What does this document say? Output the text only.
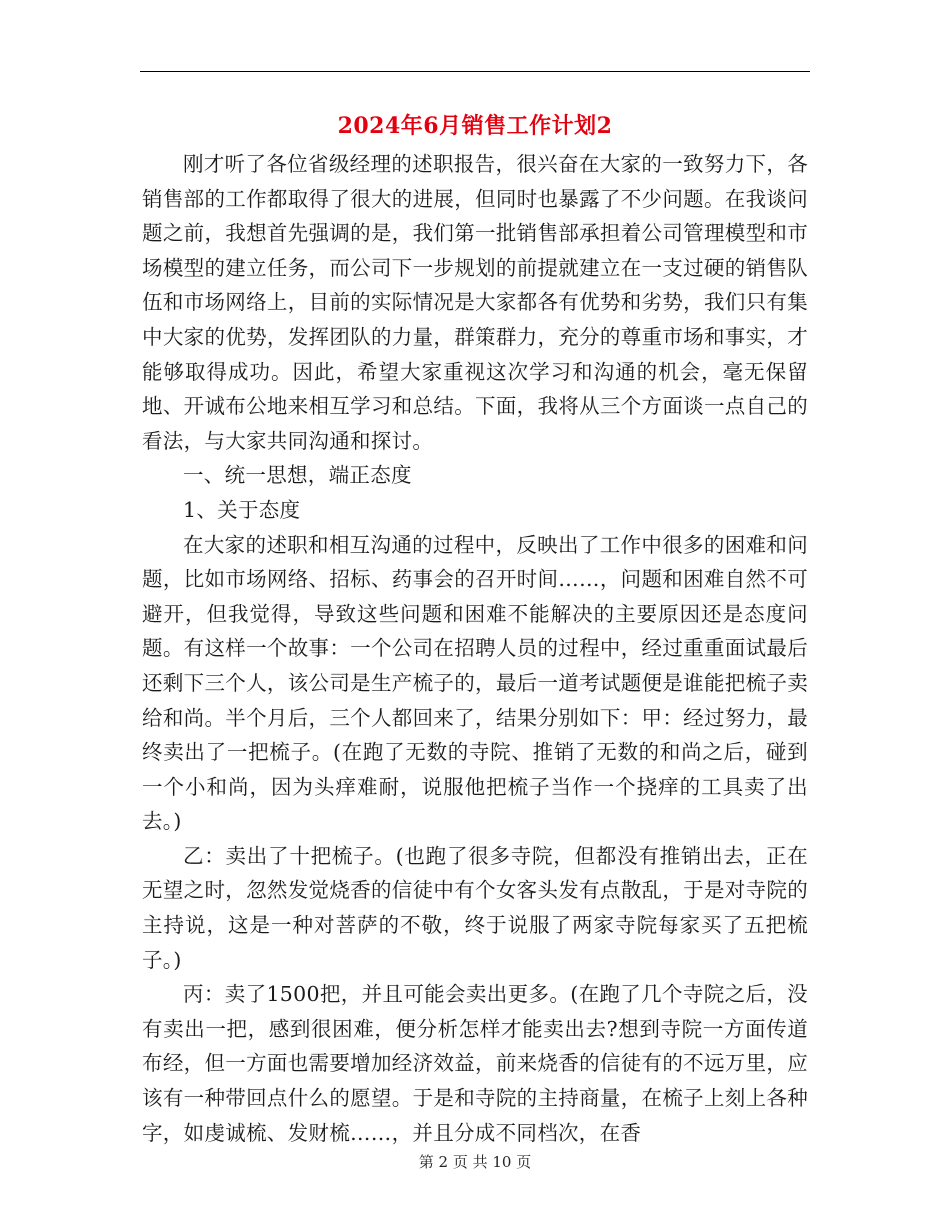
2024年6月销售工作计划2

刚才听了各位省级经理的述职报告，很兴奋在大家的一致努力下，各销售部的工作都取得了很大的进展，但同时也暴露了不少问题。在我谈问题之前，我想首先强调的是，我们第一批销售部承担着公司管理模型和市场模型的建立任务，而公司下一步规划的前提就建立在一支过硬的销售队伍和市场网络上，目前的实际情况是大家都各有优势和劣势，我们只有集中大家的优势，发挥团队的力量，群策群力，充分的尊重市场和事实，才能够取得成功。因此，希望大家重视这次学习和沟通的机会，毫无保留地、开诚布公地来相互学习和总结。下面，我将从三个方面谈一点自己的看法，与大家共同沟通和探讨。

一、统一思想，端正态度

1、关于态度

在大家的述职和相互沟通的过程中，反映出了工作中很多的困难和问题，比如市场网络、招标、药事会的召开时间……，问题和困难自然不可避开，但我觉得，导致这些问题和困难不能解决的主要原因还是态度问题。有这样一个故事：一个公司在招聘人员的过程中，经过重重面试最后还剩下三个人，该公司是生产梳子的，最后一道考试题便是谁能把梳子卖给和尚。半个月后，三个人都回来了，结果分别如下：甲：经过努力，最终卖出了一把梳子。(在跑了无数的寺院、推销了无数的和尚之后，碰到一个小和尚，因为头痒难耐，说服他把梳子当作一个挠痒的工具卖了出去。)

乙：卖出了十把梳子。(也跑了很多寺院，但都没有推销出去，正在无望之时，忽然发觉烧香的信徒中有个女客头发有点散乱，于是对寺院的主持说，这是一种对菩萨的不敬，终于说服了两家寺院每家买了五把梳子。)

丙：卖了1500把，并且可能会卖出更多。(在跑了几个寺院之后，没有卖出一把，感到很困难，便分析怎样才能卖出去?想到寺院一方面传道布经，但一方面也需要增加经济效益，前来烧香的信徒有的不远万里，应该有一种带回点什么的愿望。于是和寺院的主持商量，在梳子上刻上各种字，如虔诚梳、发财梳……，并且分成不同档次，在香

第 2 页 共 10 页
